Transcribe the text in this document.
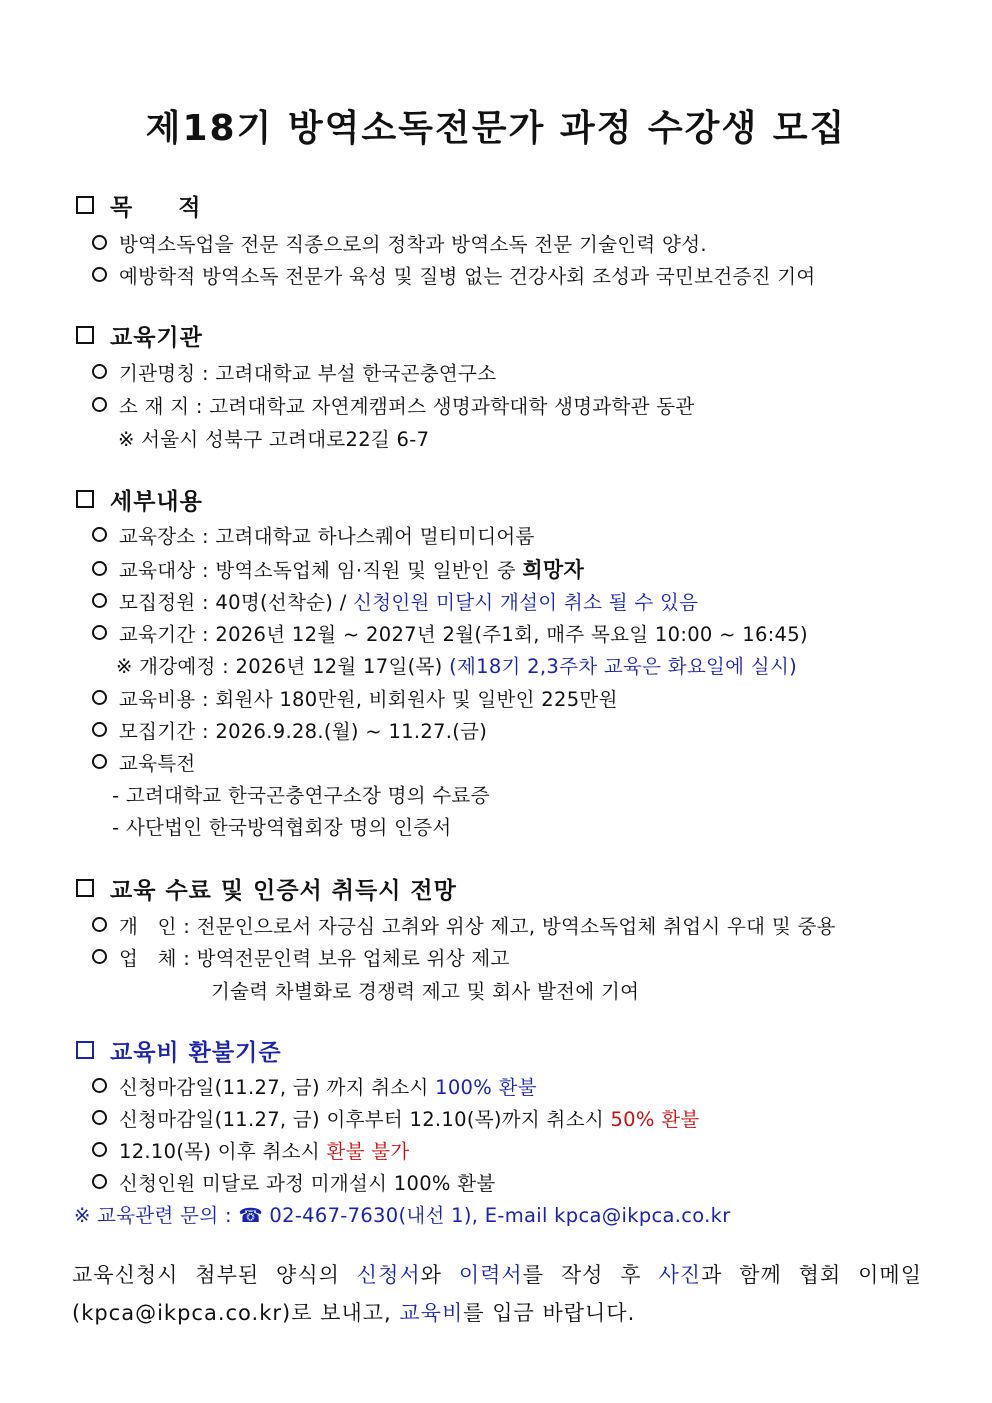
제18기 방역소독전문가 과정 수강생 모집
목     적
방역소독업을 전문 직종으로의 정착과 방역소독 전문 기술인력 양성.
예방학적 방역소독 전문가 육성 및 질병 없는 건강사회 조성과 국민보건증진 기여
교육기관
기관명칭 : 고려대학교 부설 한국곤충연구소
소 재 지 : 고려대학교 자연계캠퍼스 생명과학대학 생명과학관 동관
※ 서울시 성북구 고려대로22길 6-7
세부내용
교육장소 : 고려대학교 하나스퀘어 멀티미디어룸
교육대상 : 방역소독업체 임·직원 및 일반인 중 희망자
모집정원 : 40명(선착순) / 신청인원 미달시 개설이 취소 될 수 있음
교육기간 : 2026년 12월 ~ 2027년 2월(주1회, 매주 목요일 10:00 ~ 16:45)
※ 개강예정 : 2026년 12월 17일(목) (제18기 2,3주차 교육은 화요일에 실시)
교육비용 : 회원사 180만원, 비회원사 및 일반인 225만원
모집기간 : 2026.9.28.(월) ~ 11.27.(금)
교육특전
- 고려대학교 한국곤충연구소장 명의 수료증
- 사단법인 한국방역협회장 명의 인증서
교육 수료 및 인증서 취득시 전망
개   인 : 전문인으로서 자긍심 고취와 위상 제고, 방역소독업체 취업시 우대 및 중용
업   체 : 방역전문인력 보유 업체로 위상 제고
기술력 차별화로 경쟁력 제고 및 회사 발전에 기여
교육비 환불기준
신청마감일(11.27, 금) 까지 취소시 100% 환불
신청마감일(11.27, 금) 이후부터 12.10(목)까지 취소시 50% 환불
12.10(목) 이후 취소시 환불 불가
신청인원 미달로 과정 미개설시 100% 환불
※ 교육관련 문의 : ☎ 02-467-7630(내선 1), E-mail kpca@ikpca.co.kr
교육신청시 첨부된 양식의 신청서와 이력서를 작성 후 사진과 함께 협회 이메일 (kpca@ikpca.co.kr)로 보내고, 교육비를 입금 바랍니다.
